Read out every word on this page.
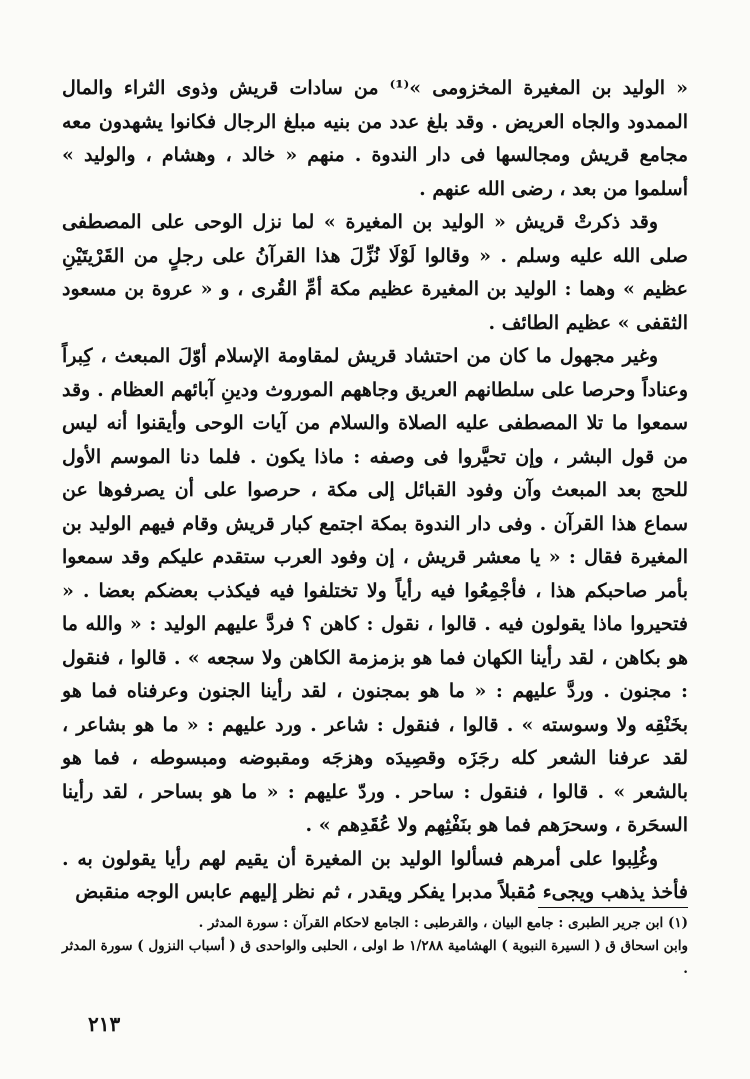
« الوليد بن المغيرة المخزومى »⁽¹⁾ من سادات قريش وذوى الثراء والمال الممدود والجاه العريض . وقد بلغ عدد من بنيه مبلغ الرجال فكانوا يشهدون معه مجامع قريش ومجالسها فى دار الندوة . منهم « خالد ، وهشام ، والوليد » أسلموا من بعد ، رضى الله عنهم .

وقد ذكرتْ قريش « الوليد بن المغيرة » لما نزل الوحى على المصطفى صلى الله عليه وسلم . « وقالوا لَوْلَا نُزِّلَ هذا القرآنُ على رجلٍ من القَرْيتَيْنِ عظيم » وهما : الوليد بن المغيرة عظيم مكة أمِّ القُرى ، و « عروة بن مسعود الثقفى » عظيم الطائف .

وغير مجهول ما كان من احتشاد قريش لمقاومة الإسلام أوّلَ المبعث ، كِبراً وعناداً وحرصا على سلطانهم العريق وجاههم الموروث ودينِ آبائهم العظام . وقد سمعوا ما تلا المصطفى عليه الصلاة والسلام من آيات الوحى وأيقنوا أنه ليس من قول البشر ، وإن تحيَّروا فى وصفه : ماذا يكون . فلما دنا الموسم الأول للحج بعد المبعث وآن وفود القبائل إلى مكة ، حرصوا على أن يصرفوها عن سماع هذا القرآن . وفى دار الندوة بمكة اجتمع كبار قريش وقام فيهم الوليد بن المغيرة فقال : « يا معشر قريش ، إن وفود العرب ستقدم عليكم وقد سمعوا بأمر صاحبكم هذا ، فأجْمِعُوا فيه رأياً ولا تختلفوا فيه فيكذب بعضكم بعضا . « فتحيروا ماذا يقولون فيه . قالوا ، نقول : كاهن ؟ فردَّ عليهم الوليد : « والله ما هو بكاهن ، لقد رأينا الكهان فما هو بزمزمة الكاهن ولا سجعه » . قالوا ، فنقول : مجنون . وردَّ عليهم : « ما هو بمجنون ، لقد رأينا الجنون وعرفناه فما هو بخَنْقِه ولا وسوسته » . قالوا ، فنقول : شاعر . ورد عليهم : « ما هو بشاعر ، لقد عرفنا الشعر كله رجَزَه وقصِيدَه وهزجَه ومقبوضه ومبسوطه ، فما هو بالشعر » . قالوا ، فنقول : ساحر . وردّ عليهم : « ما هو بساحر ، لقد رأينا السحَرة ، وسحرَهم فما هو بنَفْثِهم ولا عُقَدِهم » .

وغُلِبوا على أمرهم فسألوا الوليد بن المغيرة أن يقيم لهم رأيا يقولون به . فأخذ يذهب ويجىء مُقبلاً مدبرا يفكر ويقدر ، ثم نظر إليهم عابس الوجه منقبض

(١) ابن جرير الطبرى : جامع البيان ، والقرطبى : الجامع لاحكام القرآن : سورة المدثر .

وابن اسحاق ق ( السيرة النبوية ) الهشامية ١/٢٨٨ ط اولى ، الحلبى والواحدى ق ( أسباب النزول ) سورة المدثر .

٢١٣
